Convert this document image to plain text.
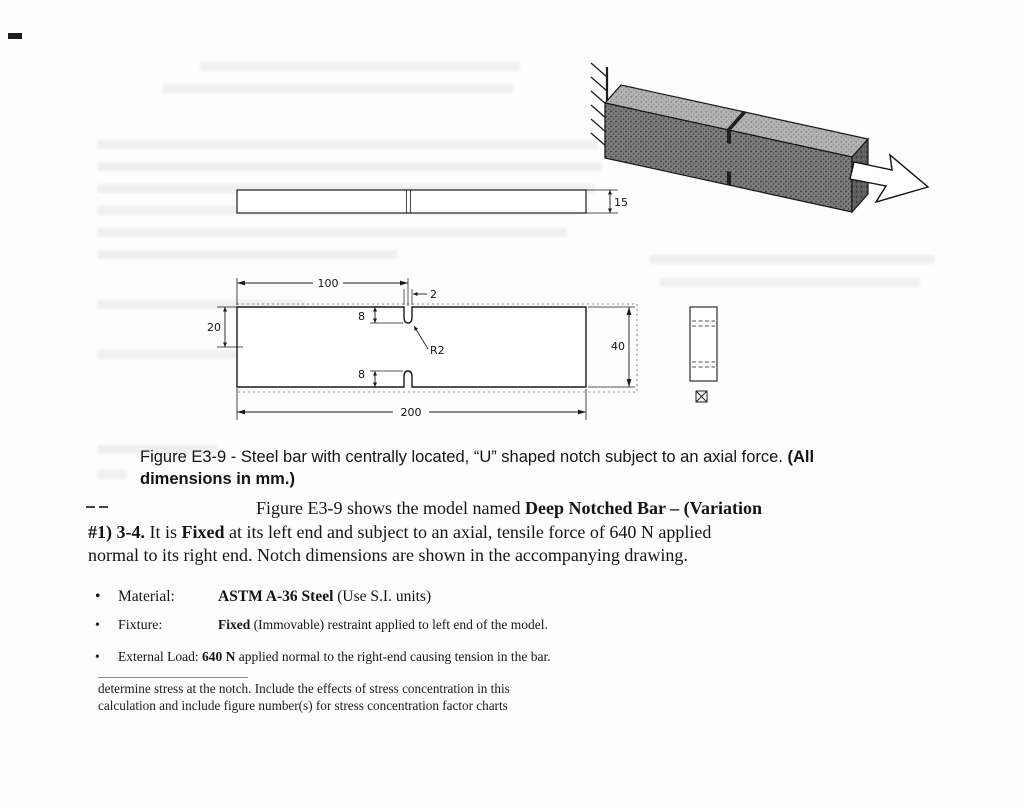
15
100
2
8
8
R2
20
40
200

Figure E3-9 - Steel bar with centrally located, “U” shaped notch subject to an axial force. (All
dimensions in mm.)

Figure E3-9 shows the model named Deep Notched Bar – (Variation
#1) 3-4. It is Fixed at its left end and subject to an axial, tensile force of 640 N applied
normal to its right end. Notch dimensions are shown in the accompanying drawing.
• Material:	ASTM A-36 Steel (Use S.I. units)
• Fixture:	Fixed (Immovable) restraint applied to left end of the model.
• External Load: 640 N applied normal to the right-end causing tension in the bar.
determine stress at the notch. Include the effects of stress concentration in this
calculation and include figure number(s) for stress concentration factor charts
